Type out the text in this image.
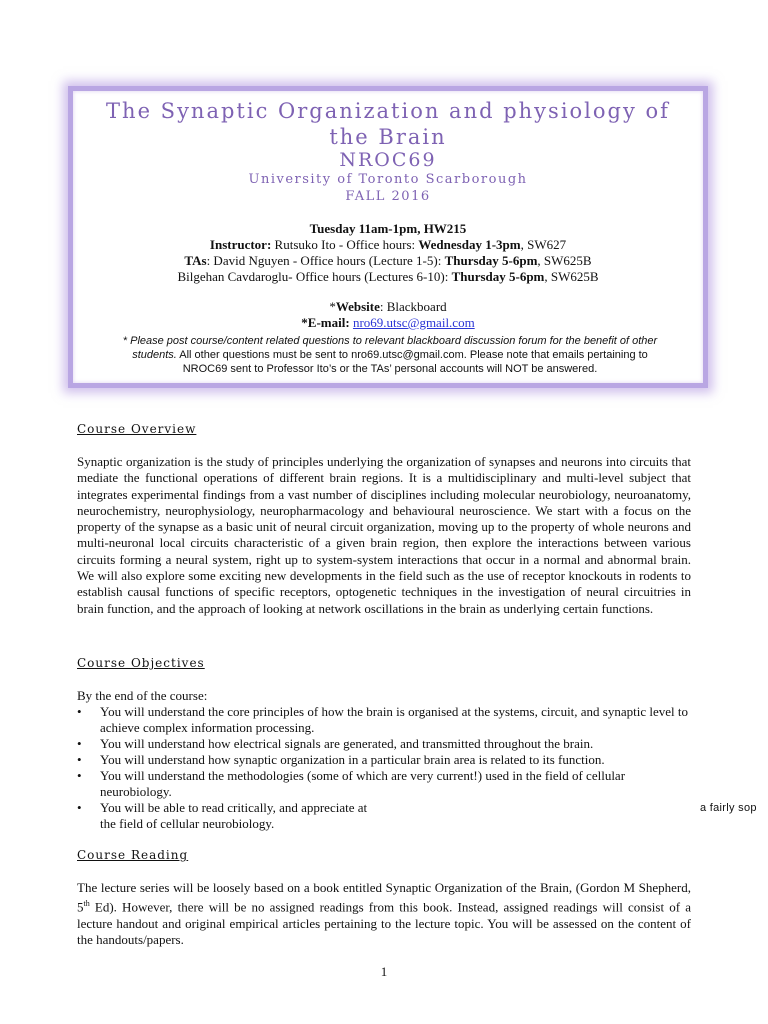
The Synaptic Organization and physiology of the Brain
NROC69
University of Toronto Scarborough
FALL 2016
Tuesday 11am-1pm, HW215
Instructor: Rutsuko Ito - Office hours: Wednesday 1-3pm, SW627
TAs: David Nguyen - Office hours (Lecture 1-5): Thursday 5-6pm, SW625B
Bilgehan Cavdaroglu- Office hours (Lectures 6-10): Thursday 5-6pm, SW625B
*Website: Blackboard
*E-mail: nro69.utsc@gmail.com
* Please post course/content related questions to relevant blackboard discussion forum for the benefit of other students. All other questions must be sent to nro69.utsc@gmail.com. Please note that emails pertaining to
NROC69 sent to Professor Ito’s or the TAs’ personal accounts will NOT be answered.
Course Overview

Synaptic organization is the study of principles underlying the organization of synapses and neurons into circuits that mediate the functional operations of different brain regions. It is a multidisciplinary and multi-level subject that integrates experimental findings from a vast number of disciplines including molecular neurobiology, neuroanatomy, neurochemistry, neurophysiology, neuropharmacology and behavioural neuroscience. We start with a focus on the property of the synapse as a basic unit of neural circuit organization, moving up to the property of whole neurons and multi-neuronal local circuits characteristic of a given brain region, then explore the interactions between various circuits forming a neural system, right up to system-system interactions that occur in a normal and abnormal brain. We will also explore some exciting new developments in the field such as the use of receptor knockouts in rodents to establish causal functions of specific receptors, optogenetic techniques in the investigation of neural circuitries in brain function, and the approach of looking at network oscillations in the brain as underlying certain functions.

Course Objectives
By the end of the course:
• You will understand the core principles of how the brain is organised at the systems, circuit, and synaptic level to achieve complex information processing.
• You will understand how electrical signals are generated, and transmitted throughout the brain.
• You will understand how synaptic organization in a particular brain area is related to its function.
• You will understand the methodologies (some of which are very current!) used in the field of cellular neurobiology.
• You will be able to read critically, and appreciate at
the field of cellular neurobiology.
a fairly sop
Course Reading

The lecture series will be loosely based on a book entitled Synaptic Organization of the Brain, (Gordon M Shepherd, 5th Ed). However, there will be no assigned readings from this book. Instead, assigned readings will consist of a lecture handout and original empirical articles pertaining to the lecture topic. You will be assessed on the content of the handouts/papers.

1
